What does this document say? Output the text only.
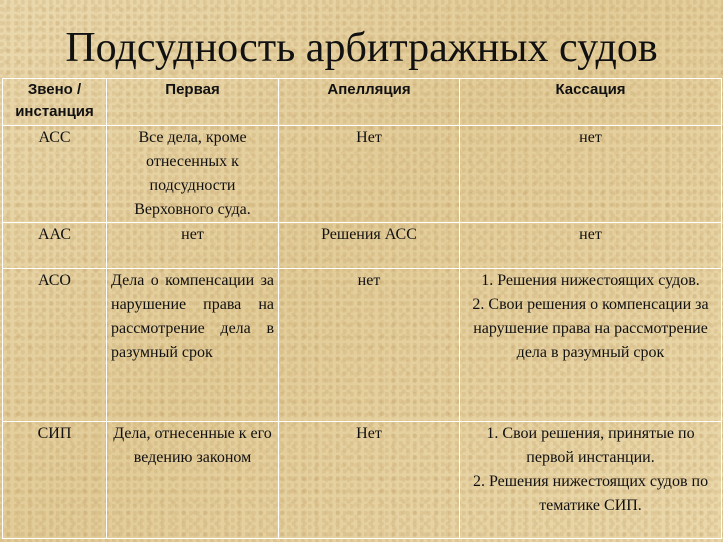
Подсудность арбитражных судов
Звено / инстанция	Первая	Апелляция	Кассация
АСС	Все дела, кроме отнесенных к подсудности Верховного суда.	Нет	нет

ААС	нет	Решения АСС	нет

АСО	Дела о компенсации за нарушение права на рассмотрение дела в разумный срок	нет	1. Решения нижестоящих судов.
2. Свои решения о компенсации за нарушение права на рассмотрение дела в разумный срок

СИП	Дела, отнесенные к его ведению законом	Нет	1. Свои решения, принятые по первой инстанции.
2. Решения нижестоящих судов по тематике СИП.
